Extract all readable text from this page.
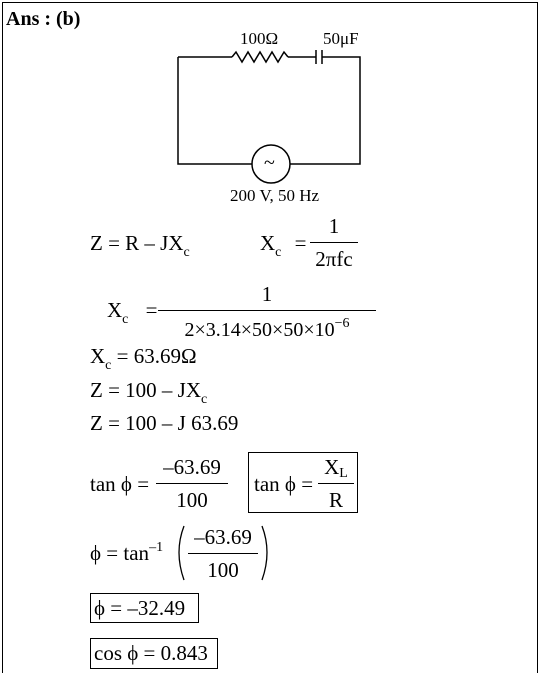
Ans : (b)
100Ω	50μF
~
200 V, 50 Hz
$Z = R - JX_c$	$X_c$ =
1
2πfc
$X_c$ =
1
$2\times 3.14\times 50\times 50\times 10^{-6}$
$X_c = 63.69\Omega$
$Z = 100 - JX_c$
Z = 100 – J 63.69
tan ϕ =
–63.69
100
tan ϕ =
XL
R
$\phi = \tan^{-1} -63.69$
100
ϕ = –32.49
cos ϕ = 0.843
